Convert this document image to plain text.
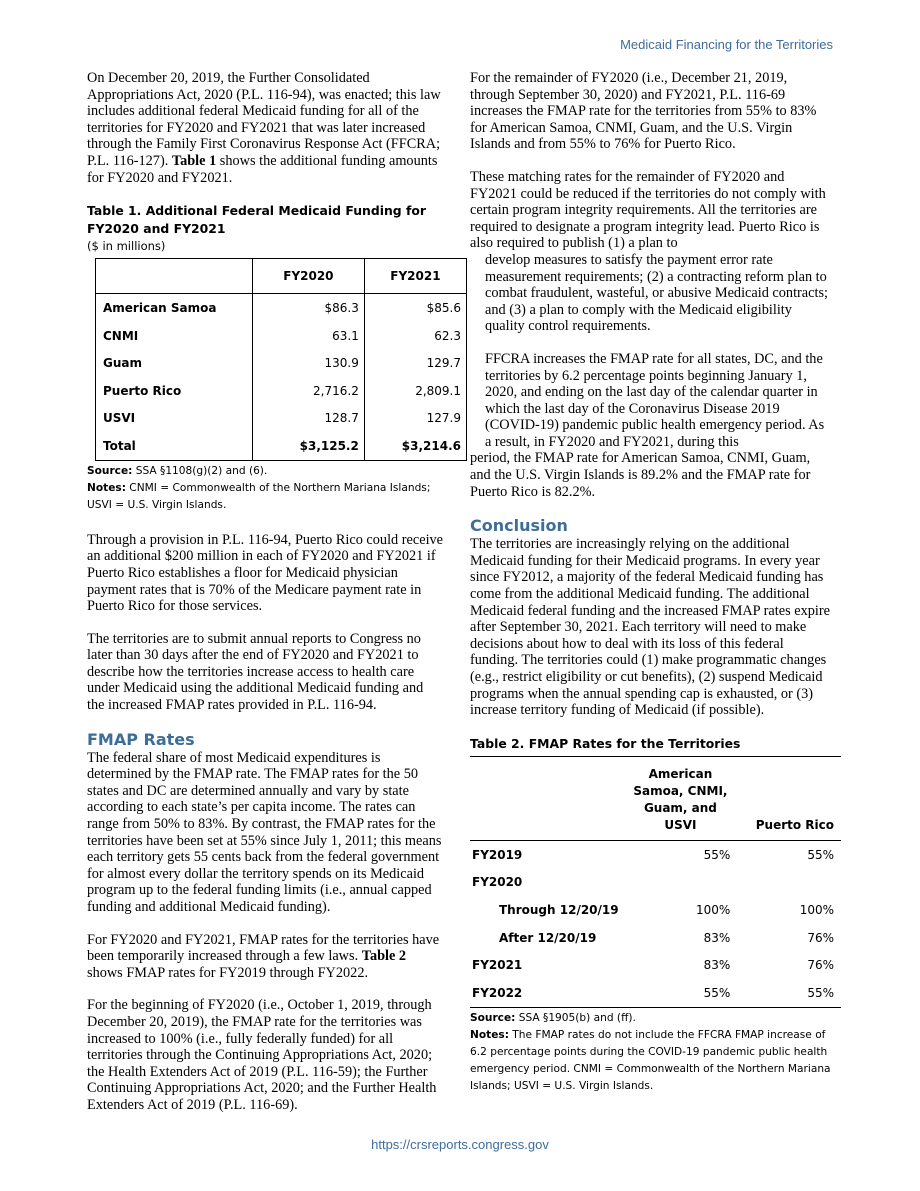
Medicaid Financing for the Territories

On December 20, 2019, the Further Consolidated Appropriations Act, 2020 (P.L. 116-94), was enacted; this law includes additional federal Medicaid funding for all of the territories for FY2020 and FY2021 that was later increased through the Family First Coronavirus Response Act (FFCRA; P.L. 116-127). Table 1 shows the additional funding amounts for FY2020 and FY2021.

Table 1. Additional Federal Medicaid Funding for FY2020 and FY2021
($ in millions)
	FY2020	FY2021
American Samoa	$86.3	$85.6
CNMI	63.1	62.3
Guam	130.9	129.7
Puerto Rico	2,716.2	2,809.1
USVI	128.7	127.9
Total	$3,125.2	$3,214.6
Source: SSA §1108(g)(2) and (6).
Notes: CNMI = Commonwealth of the Northern Mariana Islands; USVI = U.S. Virgin Islands.

Through a provision in P.L. 116-94, Puerto Rico could receive an additional $200 million in each of FY2020 and FY2021 if Puerto Rico establishes a floor for Medicaid physician payment rates that is 70% of the Medicare payment rate in Puerto Rico for those services.

The territories are to submit annual reports to Congress no later than 30 days after the end of FY2020 and FY2021 to describe how the territories increase access to health care under Medicaid using the additional Medicaid funding and the increased FMAP rates provided in P.L. 116-94.

FMAP Rates

The federal share of most Medicaid expenditures is determined by the FMAP rate. The FMAP rates for the 50 states and DC are determined annually and vary by state according to each state’s per capita income. The rates can range from 50% to 83%. By contrast, the FMAP rates for the territories have been set at 55% since July 1, 2011; this means each territory gets 55 cents back from the federal government for almost every dollar the territory spends on its Medicaid program up to the federal funding limits (i.e., annual capped funding and additional Medicaid funding).

For FY2020 and FY2021, FMAP rates for the territories have been temporarily increased through a few laws. Table 2 shows FMAP rates for FY2019 through FY2022.

For the beginning of FY2020 (i.e., October 1, 2019, through December 20, 2019), the FMAP rate for the territories was increased to 100% (i.e., fully federally funded) for all territories through the Continuing Appropriations Act, 2020; the Health Extenders Act of 2019 (P.L. 116-59); the Further Continuing Appropriations Act, 2020; and the Further Health Extenders Act of 2019 (P.L. 116-69).

For the remainder of FY2020 (i.e., December 21, 2019, through September 30, 2020) and FY2021, P.L. 116-69 increases the FMAP rate for the territories from 55% to 83% for American Samoa, CNMI, Guam, and the U.S. Virgin Islands and from 55% to 76% for Puerto Rico.

These matching rates for the remainder of FY2020 and FY2021 could be reduced if the territories do not comply with certain program integrity requirements. All the territories are required to designate a program integrity lead. Puerto Rico is also required to publish (1) a plan to

develop measures to satisfy the payment error rate measurement requirements; (2) a contracting reform plan to combat fraudulent, wasteful, or abusive Medicaid contracts; and (3) a plan to comply with the Medicaid eligibility quality control requirements.

FFCRA increases the FMAP rate for all states, DC, and the territories by 6.2 percentage points beginning January 1, 2020, and ending on the last day of the calendar quarter in which the last day of the Coronavirus Disease 2019 (COVID-19) pandemic public health emergency period. As a result, in FY2020 and FY2021, during this

period, the FMAP rate for American Samoa, CNMI, Guam, and the U.S. Virgin Islands is 89.2% and the FMAP rate for Puerto Rico is 82.2%.

Conclusion

The territories are increasingly relying on the additional Medicaid funding for their Medicaid programs. In every year since FY2012, a majority of the federal Medicaid funding has come from the additional Medicaid funding. The additional Medicaid federal funding and the increased FMAP rates expire after September 30, 2021. Each territory will need to make decisions about how to deal with its loss of this federal funding. The territories could (1) make programmatic changes (e.g., restrict eligibility or cut benefits), (2) suspend Medicaid programs when the annual spending cap is exhausted, or (3) increase territory funding of Medicaid (if possible).

Table 2. FMAP Rates for the Territories
	American Samoa, CNMI, Guam, and USVI	Puerto Rico
FY2019	55%	55%
FY2020		
Through 12/20/19	100%	100%
After 12/20/19	83%	76%
FY2021	83%	76%
FY2022	55%	55%
Source: SSA §1905(b) and (ff).
Notes: The FMAP rates do not include the FFCRA FMAP increase of 6.2 percentage points during the COVID-19 pandemic public health emergency period. CNMI = Commonwealth of the Northern Mariana Islands; USVI = U.S. Virgin Islands.
https://crsreports.congress.gov
